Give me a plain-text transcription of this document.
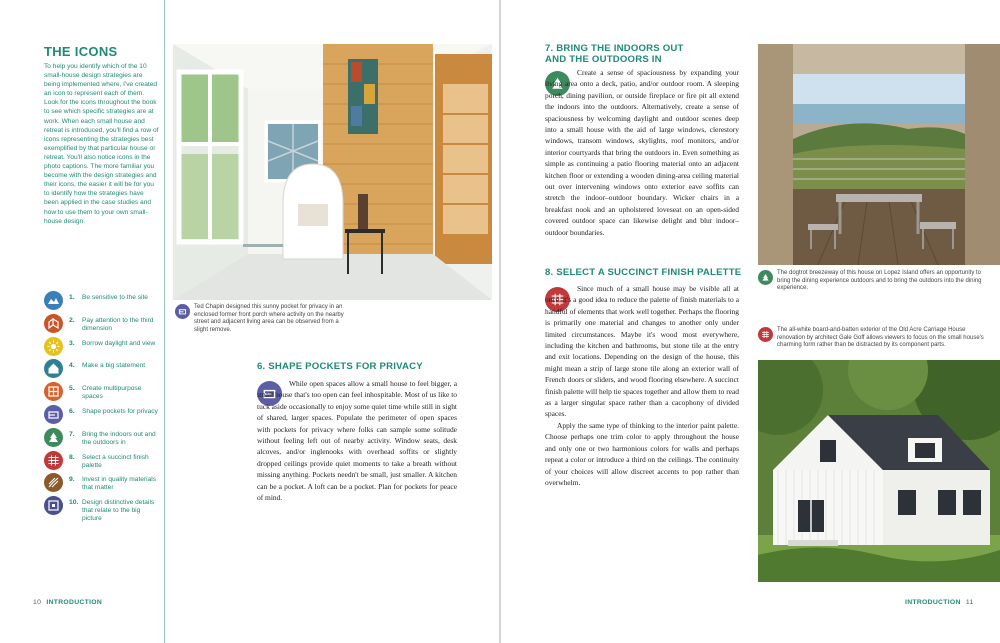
THE ICONS
To help you identify which of the 10 small-house design strategies are being implemented where, I've created an icon to represent each of them. Look for the icons throughout the book to see which specific strategies are at work. When each small house and retreat is introduced, you'll find a row of icons representing the strategies best exemplified by that particular house or retreat. You'll also notice icons in the photo captions. The more familiar you become with the design strategies and their icons, the easier it will be for you to identify how the strategies have been applied in the case studies and how to use them to your own small-house design.
1. Be sensitive to the site
2. Pay attention to the third dimension
3. Borrow daylight and view
4. Make a big statement
5. Create multipurpose spaces
6. Shape pockets for privacy
7. Bring the indoors out and the outdoors in
8. Select a succinct finish palette
9. Invest in quality materials that matter
10. Design distinctive details that relate to the big picture
10 INTRODUCTION
Ted Chapin designed this sunny pocket for privacy in an enclosed former front porch where activity on the nearby street and adjacent living area can be observed from a slight remove.
6. SHAPE POCKETS FOR PRIVACY

While open spaces allow a small house to feel bigger, a small house that's too open can feel inhospitable. Most of us like to tuck aside occasionally to enjoy some quiet time while still in sight of shared, larger spaces. Populate the perimeter of open spaces with pockets for privacy where folks can sample some solitude without feeling left out of nearby activity. Window seats, desk alcoves, and/or inglenooks with overhead soffits or slightly dropped ceilings provide quiet moments to take a breath without missing anything. Pockets needn't be small, just smaller. A kitchen can be a pocket. A loft can be a pocket. Plan for pockets for peace of mind.

7. BRING THE INDOORS OUT
AND THE OUTDOORS IN

Create a sense of spaciousness by expanding your living area onto a deck, patio, and/or outdoor room. A sleeping porch, dining pavilion, or outside fireplace or fire pit all extend the indoors into the outdoors. Alternatively, create a sense of spaciousness by welcoming daylight and outdoor scenes deep into a small house with the aid of large windows, clerestory windows, transom windows, skylights, roof monitors, and/or interior courtyards that bring the outdoors in. Even something as simple as continuing a patio flooring material onto an adjacent kitchen floor or extending a wooden dining-area ceiling material out over intervening windows onto exterior eave soffits can stretch the indoor–outdoor boundary. Wicker chairs in a breakfast nook and an upholstered loveseat on an open-sided covered outdoor space can likewise delight and blur indoor–outdoor boundaries.

8. SELECT A SUCCINCT FINISH PALETTE

Since much of a small house may be visible all at once, it's a good idea to reduce the palette of finish materials to a handful of elements that work well together. Perhaps the flooring is primarily one material and changes to another only under limited circumstances. Maybe it's wood most everywhere, including the kitchen and bathrooms, but stone tile at the entry and exit locations. Depending on the design of the house, this might mean a strip of large stone tile along an exterior wall of French doors or sliders, and wood flooring elsewhere. A succinct finish palette will help tie spaces together and allow them to read as a larger singular space rather than a cacophony of divided spaces.

Apply the same type of thinking to the interior paint palette. Choose perhaps one trim color to apply throughout the house and only one or two harmonious colors for walls and perhaps repeat a color or introduce a third on the ceilings. The continuity of your choices will allow discreet accents to pop rather than overwhelm.

INTRODUCTION 11
The dogtrot breezeway of this house on Lopez Island offers an opportunity to bring the dining experience outdoors and to bring the outdoors into the dining experience.
The all-white board-and-batten exterior of the Old Acre Carriage House renovation by architect Gale Goff allows viewers to focus on the small house's charming form rather than be distracted by its component parts.
